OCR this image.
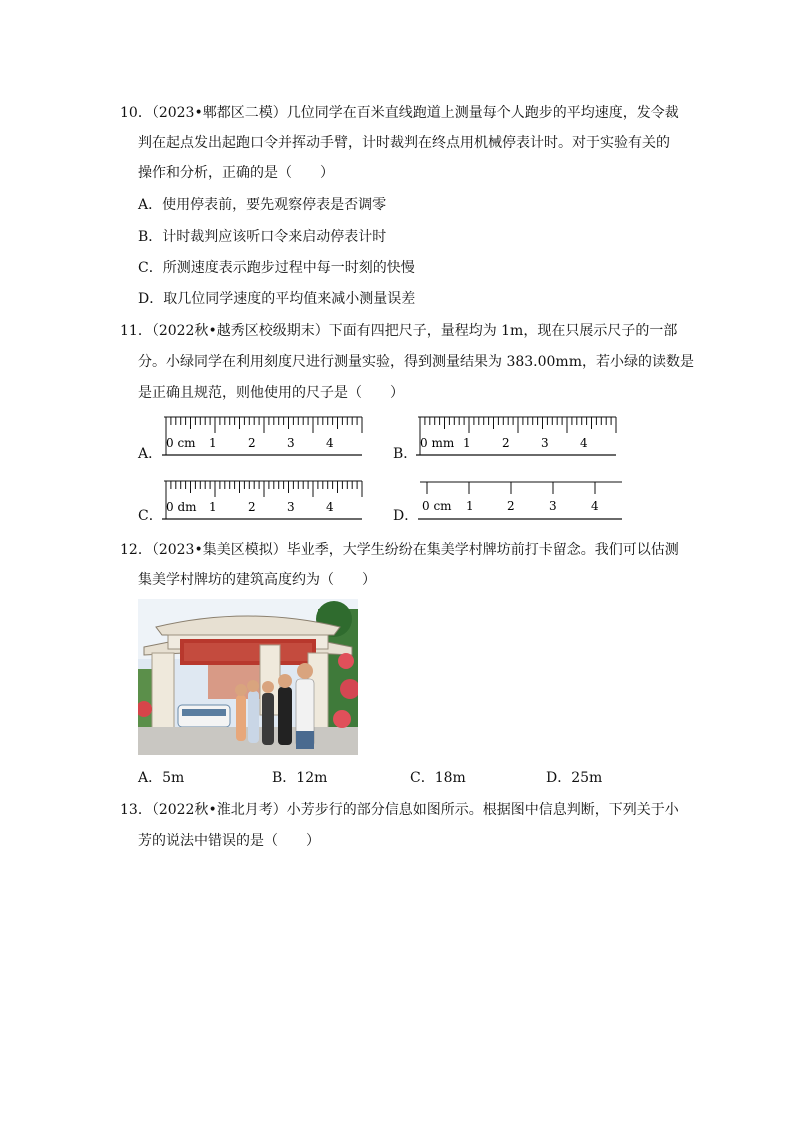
10．（2023•郫都区二模）几位同学在百米直线跑道上测量每个人跑步的平均速度，发令裁
判在起点发出起跑口令并挥动手臂，计时裁判在终点用机械停表计时。对于实验有关的
操作和分析，正确的是（　　）
A．使用停表前，要先观察停表是否调零
B．计时裁判应该听口令来启动停表计时
C．所测速度表示跑步过程中每一时刻的快慢
D．取几位同学速度的平均值来减小测量误差
11．（2022秋•越秀区校级期末）下面有四把尺子，量程均为 1m，现在只展示尺子的一部
分。小绿同学在利用刻度尺进行测量实验，得到测量结果为 383.00mm，若小绿的读数是
是正确且规范，则他使用的尺子是（　　）
A．
0 cm 1	2	3	4
B．
0 mm 1	2	3	4
C．
0 dm 1	2	3	4
D．
0 cm 1	2	3	4
12．（2023•集美区模拟）毕业季，大学生纷纷在集美学村牌坊前打卡留念。我们可以估测
集美学村牌坊的建筑高度约为（　　）
A．5m	B．12m	C．18m	D．25m
13．（2022秋•淮北月考）小芳步行的部分信息如图所示。根据图中信息判断，下列关于小
芳的说法中错误的是（　　）
